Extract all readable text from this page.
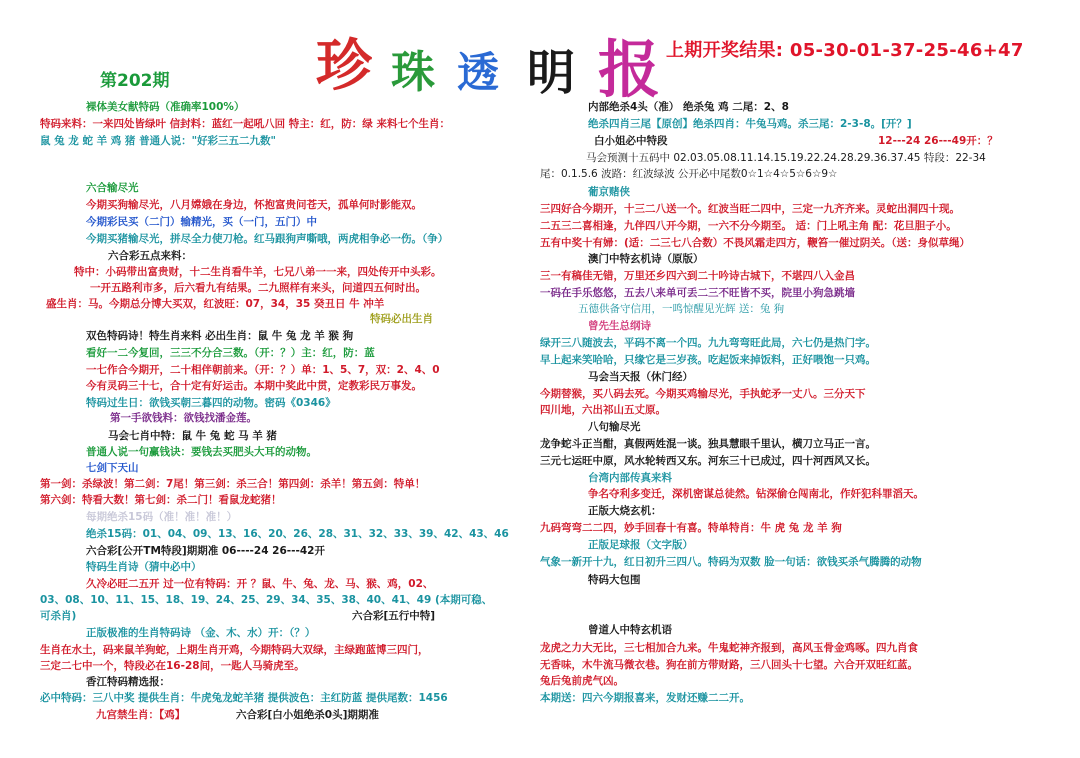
珍 珠 透 明 报 上期开奖结果: 05-30-01-37-25-46+47
第202期
裸体美女献特码（准确率100%）
特码来料：一来四处皆绿叶 信封料：蓝红一起吼八回 特主：红，防：绿 来料七个生肖：
鼠 兔 龙 蛇 羊 鸡 猪 普通人说："好彩三五二九数"
六合输尽光
今期买狗输尽光，八月嫦娥在身边，怀抱富贵问苍天，孤单何时影能双。
今期彩民买（二门）输精光，买（一门，五门）中
今期买猪输尽光，拼尽全力使刀枪。红马跟狗声嘶哦，两虎相争必一伤。（争）
六合彩五点来料：
特中：小码带出富贵财，十二生肖看牛羊，七兄八弟一一来，四处传开中头彩。
一开五路利市多，后六看九有结果。二九照样有来头，问道四五何时出。
盛生肖：马。今期总分博大买双，红波旺：07，34，35 癸丑日 牛 冲羊
特码必出生肖
双色特码诗！特生肖来料 必出生肖：鼠 牛 兔 龙 羊 猴 狗
看好一二今复回，三三不分合三数。（开：？）主：红，防：蓝
一七作合今期开，二十相伴朝前来。（开：？）单：1、5、7，双：2、4、0
今有灵码三十七，合十定有好运击。本期中奖此中贯，定教彩民万事发。
特码过生日：欲钱买朝三暮四的动物。密码《0346》
第一手欲钱料：欲钱找潘金莲。
马会七肖中特：鼠 牛 兔 蛇 马 羊 猪
普通人说一句赢钱诀：要钱去买肥头大耳的动物。
七剑下天山
第一剑：杀绿波！第二剑：7尾！第三剑：杀三合！第四剑：杀羊！第五剑：特单！
第六剑：特看大数！第七剑：杀二门！看鼠龙蛇猪！
每期绝杀15码（准！准！准！）
绝杀15码：01、04、09、13、16、20、26、28、31、32、33、39、42、43、46
六合彩[公开TM特段]期期准 06----24 26---42开
特码生肖诗（猜中必中）
久冷必旺二五开 过一位有特码：开 ？鼠、牛、兔、龙、马、猴、鸡，02、
03、08、10、11、15、18、19、24、25、29、34、35、38、40、41、49 (本期可稳、
可杀肖)	六合彩[五行中特]
正版极准的生肖特码诗 （金、木、水）开：（？）
生肖在水土，码来鼠羊狗蛇，上期生肖开鸡，今期特码大双绿，主绿跑蓝博三四门，
三定二七中一个，特段必在16-28间，一匙人马骑虎至。
香江特码精选报：
必中特码：三八中奖 提供生肖：牛虎兔龙蛇羊猪 提供波色：主红防蓝 提供尾数：1456
九宫禁生肖：【鸡】	六合彩[白小姐绝杀0头]期期准
内部绝杀4头（准） 绝杀兔 鸡 二尾：2、8
绝杀四肖三尾【原创】绝杀四肖：牛兔马鸡。杀三尾：2-3-8。[开？]
白小姐必中特段	12---24 26---49开：？
马会预测十五码中 02.03.05.08.11.14.15.19.22.24.28.29.36.37.45 特段：22-34
尾：0.1.5.6 波路：红波绿波 公开必中尾数0☆1☆4☆5☆6☆9☆
葡京赌侠
三四好合今期开，十三二八送一个。红波当旺二四中，三定一九齐齐来。灵蛇出洞四十现。
二五三二喜相逢，九伴四八开今期，一六不分今期至。 适：门上吼主角 配：花旦胆子小。
五有中奖十有婦：(适：二三七八合数）不畏风霜走四方，鞭笞一催过阴关。（送：身似草绳）
澳门中特玄机诗（原版）
三一有稿佳无错，万里还乡四六到二十吟诗古城下，不堪四八入金昌
一码在手乐悠悠，五去八来单可丢二三不旺皆不买，院里小狗急跳墙
五德供备守信用，一鸣惊醒见光辉 送：兔 狗
曾先生总纲诗
绿开三八随波去，平码不离一个四。九九弯弯旺此局，六七仍是热门字。
早上起来笑哈哈，只缘它是三岁孩。吃起饭来掉饭料，正好喂饱一只鸡。
马会当天报（休门经）
今期替猴，买八码去死。今期买鸡输尽光，手执蛇矛一丈八。三分天下
四川地，六出祁山五丈原。
八句输尽光
龙争蛇斗正当酣，真假两姓混一谈。独具慧眼千里认，横刀立马正一言。
三元七运旺中原，风水轮转西又东。河东三十已成过，四十河西风又长。
台湾内部传真来料
争名夺利多变迁，深机密谋总徒然。钻深偷仓闯南北，作奸犯科罪滔天。
正版大烧玄机：
九码弯弯二二四，妙手回春十有喜。特单特肖：牛 虎 兔 龙 羊 狗
正版足球报（文字版）
气象一新开十九，红日初升三四八。特码为双数 脸一句话：欲钱买杀气腾腾的动物
特码大包围
曾道人中特玄机语
龙虎之力大无比，三七相加合九来。牛鬼蛇神齐报到，高风玉骨金鸡啄。四九肖食
无香味，木牛流马微衣巷。狗在前方带财路，三八回头十七望。六合开双旺红蓝。
兔后兔前虎气凶。
本期送：四六今期报喜来，发财还赚二二开。
